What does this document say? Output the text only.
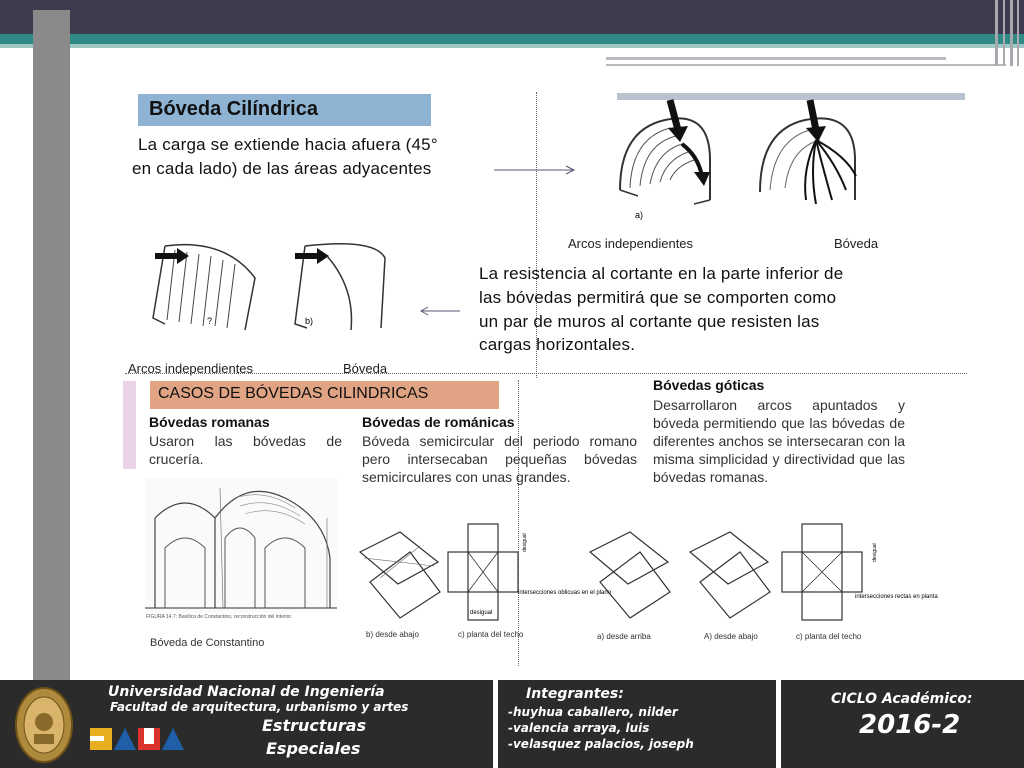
Bóveda Cilíndrica
La carga se extiende hacia afuera (45°
en cada lado) de las áreas adyacentes
a)
Arcos independientes	Bóveda
?	b)
Arcos independientes	Bóveda
La resistencia al cortante en la parte inferior de
las bóvedas permitirá que se comporten como
un par de muros al cortante que resisten las
cargas horizontales.
CASOS DE BÓVEDAS CILINDRICAS
Bóvedas romanas
Usaron las bóvedas de crucería.
Bóvedas de románicas
Bóveda semicircular del periodo romano pero intersecaban pequeñas bóvedas semicirculares con unas grandes.
Bóvedas góticas
Desarrollaron arcos apuntados y bóveda permitiendo que las bóvedas de diferentes anchos se intersecaran con la misma simplicidad y directividad que las bóvedas romanas.
FIGURA 14.7: Basílica de Constantino, reconstrucción del interior.
Bóveda de Constantino
desigual
desigual
intersecciones oblicuas en el plano
desigual
intersecciones rectas en planta
b) desde abajo	c) planta del techo	a) desde arriba	A) desde abajo	c) planta del techo
Universidad Nacional de Ingeniería
Facultad de arquitectura, urbanismo y artes
Estructuras
Especiales
Integrantes:
-huyhua caballero, nilder
-valencia arraya, luis
-velasquez palacios, joseph
CICLO Académico:
2016-2
